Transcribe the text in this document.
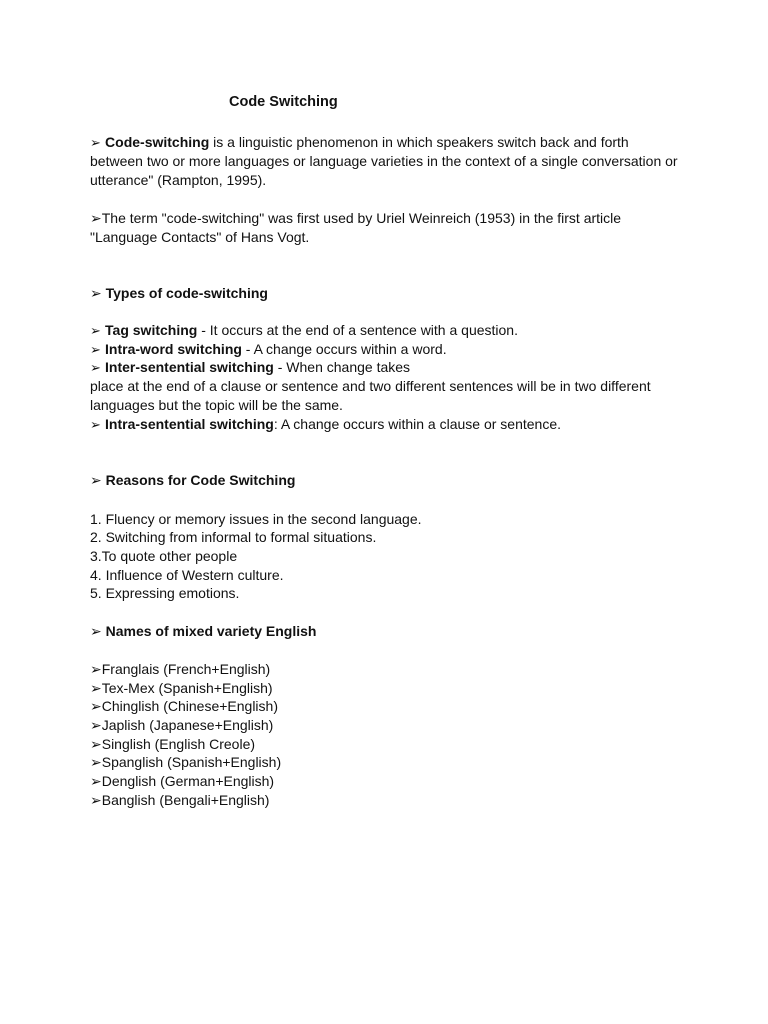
Code Switching
➢ Code-switching is a linguistic phenomenon in which speakers switch back and forth
between two or more languages or language varieties in the context of a single conversation or
utterance" (Rampton, 1995).
➢The term "code-switching" was first used by Uriel Weinreich (1953) in the first article
"Language Contacts" of Hans Vogt.
➢ Types of code-switching
➢ Tag switching - It occurs at the end of a sentence with a question.
➢ Intra-word switching - A change occurs within a word.
➢ Inter-sentential switching - When change takes
place at the end of a clause or sentence and two different sentences will be in two different
languages but the topic will be the same.
➢ Intra-sentential switching: A change occurs within a clause or sentence.
➢ Reasons for Code Switching
1. Fluency or memory issues in the second language.
2. Switching from informal to formal situations.
3.To quote other people
4. Influence of Western culture.
5. Expressing emotions.
➢ Names of mixed variety English
➢Franglais (French+English)
➢Tex-Mex (Spanish+English)
➢Chinglish (Chinese+English)
➢Japlish (Japanese+English)
➢Singlish (English Creole)
➢Spanglish (Spanish+English)
➢Denglish (German+English)
➢Banglish (Bengali+English)
